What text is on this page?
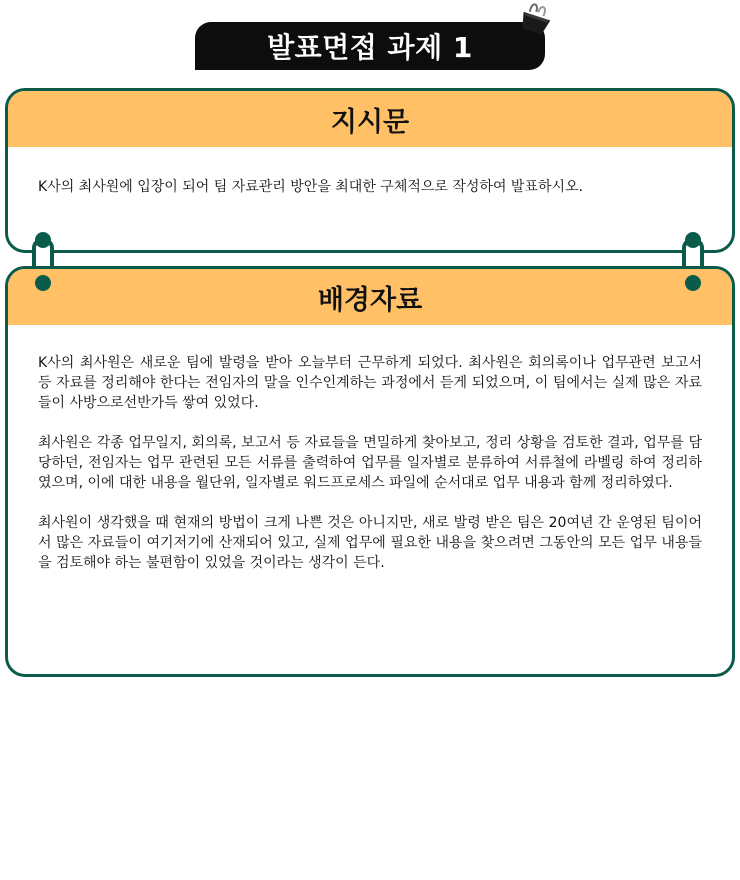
발표면접 과제 1
지시문

K사의 최사원에 입장이 되어 팀 자료관리 방안을 최대한 구체적으로 작성하여 발표하시오.

배경자료

K사의 최사원은 새로운 팀에 발령을 받아 오늘부터 근무하게 되었다. 최사원은 회의록이나 업무관련 보고서 등 자료를 정리해야 한다는 전임자의 말을 인수인계하는 과정에서 듣게 되었으며, 이 팀에서는 실제 많은 자료들이 사방으로선반가득 쌓여 있었다.

최사원은 각종 업무일지, 회의록, 보고서 등 자료들을 면밀하게 찾아보고, 정리 상황을 검토한 결과, 업무를 담당하던, 전임자는 업무 관련된 모든 서류를 출력하여 업무를 일자별로 분류하여 서류철에 라벨링 하여 정리하였으며, 이에 대한 내용을 월단위, 일자별로 워드프로세스 파일에 순서대로 업무 내용과 함께 정리하였다.

최사원이 생각했을 때 현재의 방법이 크게 나쁜 것은 아니지만, 새로 발령 받은 팀은 20여년 간 운영된 팀이어서 많은 자료들이 여기저기에 산재되어 있고, 실제 업무에 필요한 내용을 찾으려면 그동안의 모든 업무 내용들을 검토해야 하는 불편함이 있었을 것이라는 생각이 든다.
